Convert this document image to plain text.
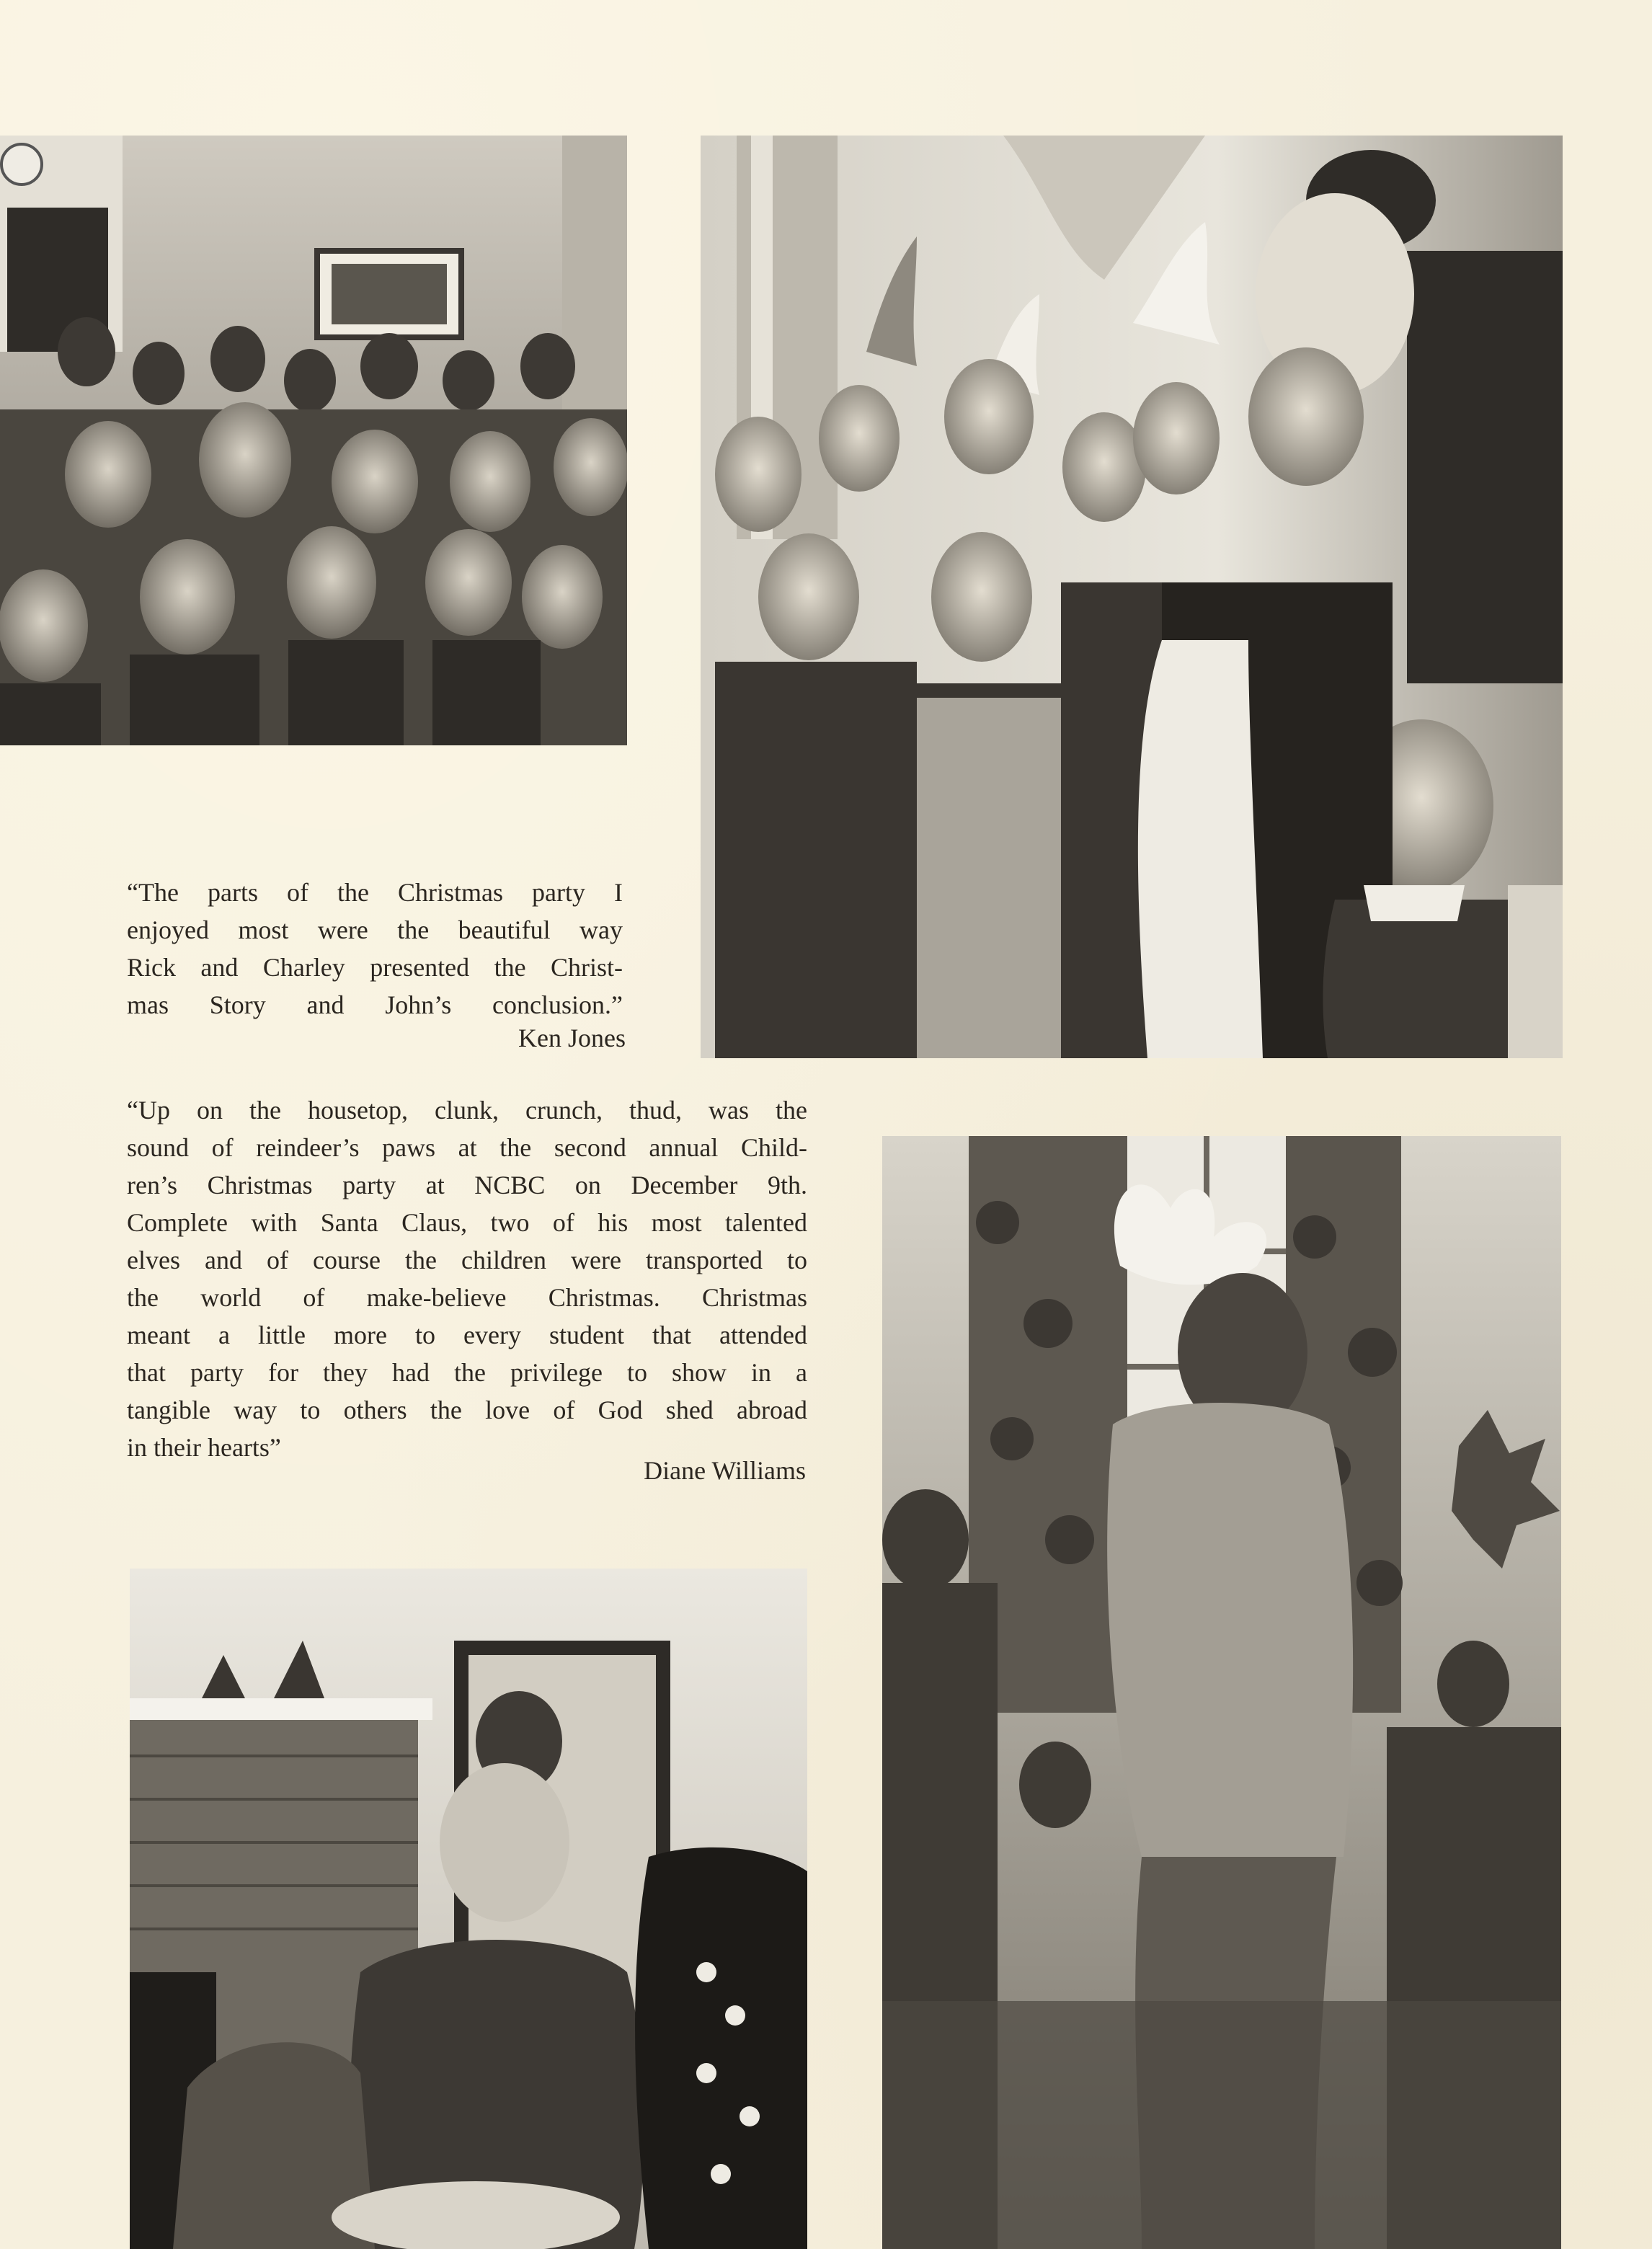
“The parts of the Christmas party I
enjoyed most were the beautiful way
Rick and Charley presented the Christ-
mas Story and John’s conclusion.”
Ken Jones
“Up on the housetop, clunk, crunch, thud, was the
sound of reindeer’s paws at the second annual Child-
ren’s Christmas party at NCBC on December 9th.
Complete with Santa Claus, two of his most talented
elves and of course the children were transported to
the world of make-believe Christmas. Christmas
meant a little more to every student that attended
that party for they had the privilege to show in a
tangible way to others the love of God shed abroad
in their hearts”
Diane Williams
